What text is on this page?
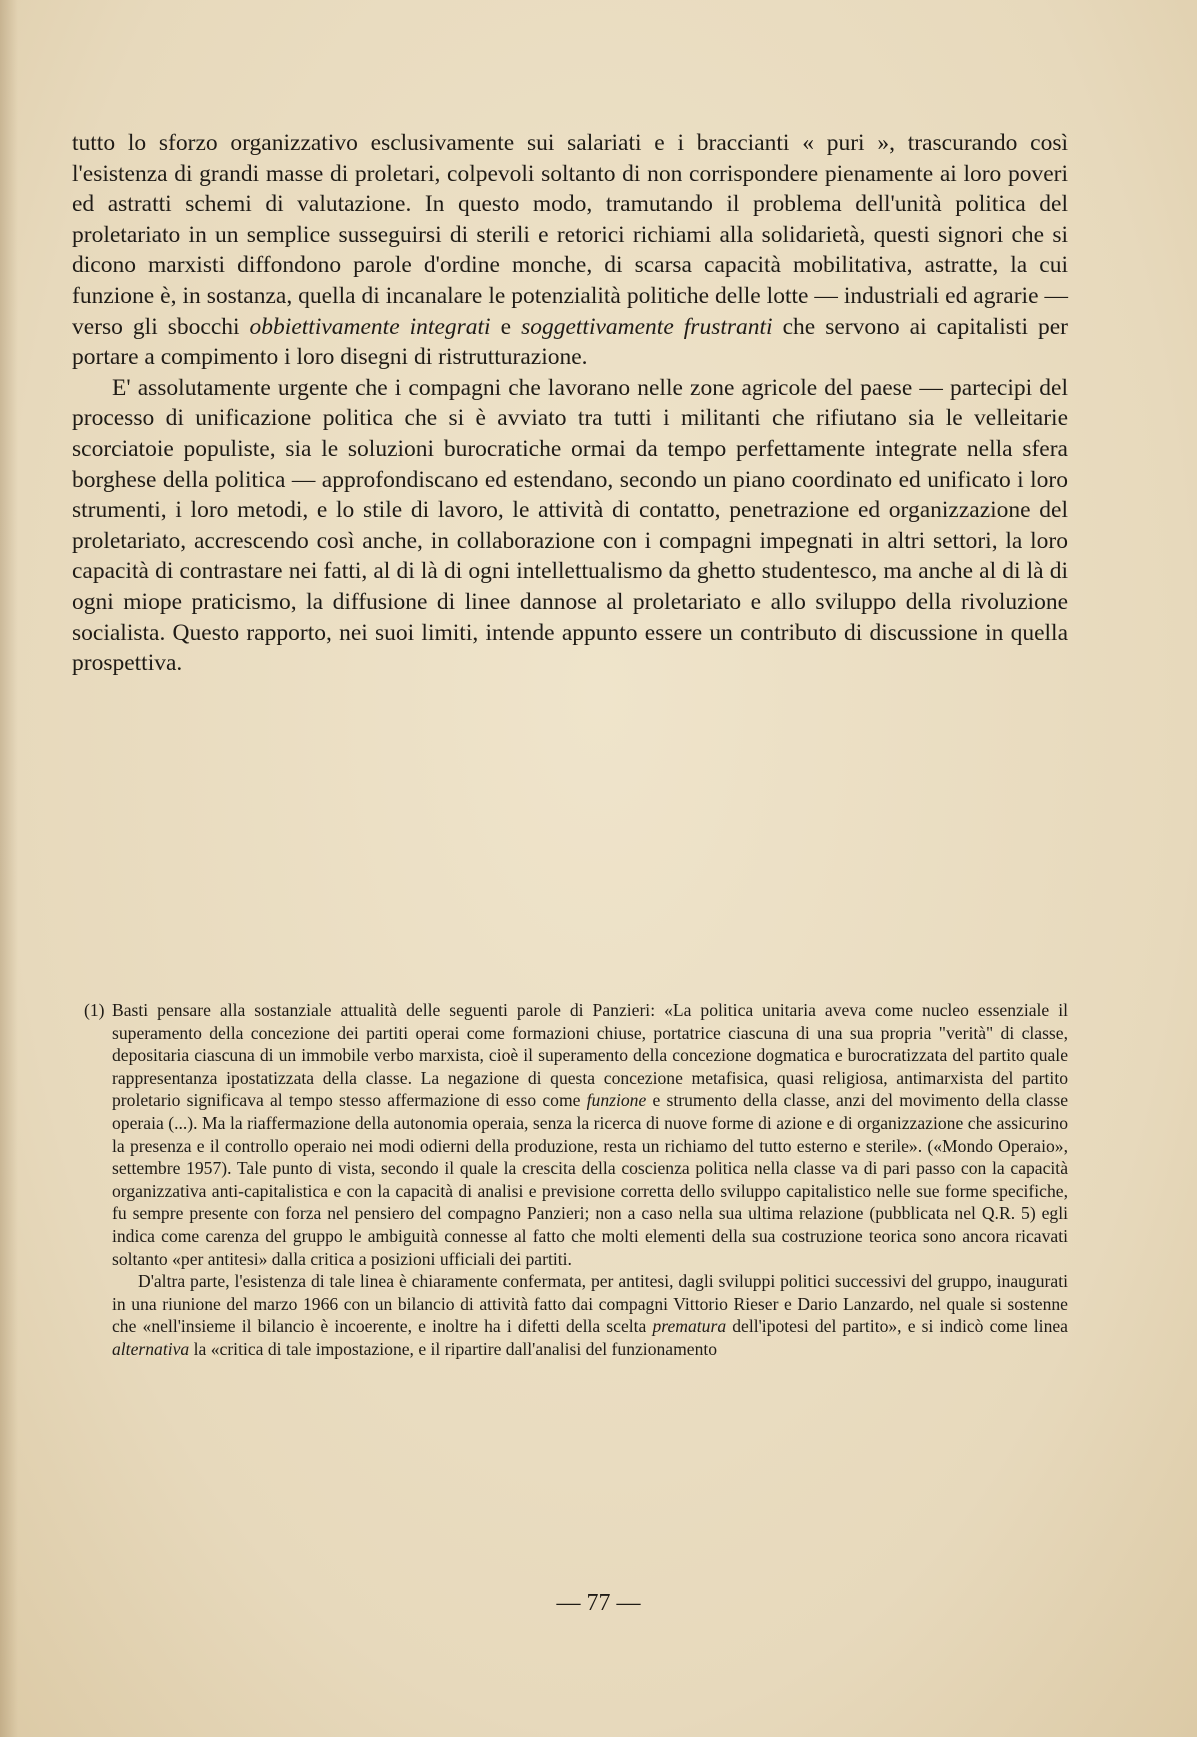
tutto lo sforzo organizzativo esclusivamente sui salariati e i braccianti « puri », trascurando così l'esistenza di grandi masse di proletari, colpevoli soltanto di non corrispondere pienamente ai loro poveri ed astratti schemi di valutazione. In questo modo, tramutando il problema dell'unità politica del proletariato in un semplice susseguirsi di sterili e retorici richiami alla solidarietà, questi signori che si dicono marxisti diffondono parole d'ordine monche, di scarsa capacità mobilitativa, astratte, la cui funzione è, in sostanza, quella di incanalare le potenzialità politiche delle lotte — industriali ed agrarie — verso gli sbocchi obbiettivamente integrati e soggettivamente frustranti che servono ai capitalisti per portare a compimento i loro disegni di ristrutturazione.

E' assolutamente urgente che i compagni che lavorano nelle zone agricole del paese — partecipi del processo di unificazione politica che si è avviato tra tutti i militanti che rifiutano sia le velleitarie scorciatoie populiste, sia le soluzioni burocratiche ormai da tempo perfettamente integrate nella sfera borghese della politica — approfondiscano ed estendano, secondo un piano coordinato ed unificato i loro strumenti, i loro metodi, e lo stile di lavoro, le attività di contatto, penetrazione ed organizzazione del proletariato, accrescendo così anche, in collaborazione con i compagni impegnati in altri settori, la loro capacità di contrastare nei fatti, al di là di ogni intellettualismo da ghetto studentesco, ma anche al di là di ogni miope praticismo, la diffusione di linee dannose al proletariato e allo sviluppo della rivoluzione socialista. Questo rapporto, nei suoi limiti, intende appunto essere un contributo di discussione in quella prospettiva.

(1) Basti pensare alla sostanziale attualità delle seguenti parole di Panzieri: «La politica unitaria aveva come nucleo essenziale il superamento della concezione dei partiti operai come formazioni chiuse, portatrice ciascuna di una sua propria "verità" di classe, depositaria ciascuna di un immobile verbo marxista, cioè il superamento della concezione dogmatica e burocratizzata del partito quale rappresentanza ipostatizzata della classe. La negazione di questa concezione metafisica, quasi religiosa, antimarxista del partito proletario significava al tempo stesso affermazione di esso come funzione e strumento della classe, anzi del movimento della classe operaia (...). Ma la riaffermazione della autonomia operaia, senza la ricerca di nuove forme di azione e di organizzazione che assicurino la presenza e il controllo operaio nei modi odierni della produzione, resta un richiamo del tutto esterno e sterile». («Mondo Operaio», settembre 1957). Tale punto di vista, secondo il quale la crescita della coscienza politica nella classe va di pari passo con la capacità organizzativa anti-capitalistica e con la capacità di analisi e previsione corretta dello sviluppo capitalistico nelle sue forme specifiche, fu sempre presente con forza nel pensiero del compagno Panzieri; non a caso nella sua ultima relazione (pubblicata nel Q.R. 5) egli indica come carenza del gruppo le ambiguità connesse al fatto che molti elementi della sua costruzione teorica sono ancora ricavati soltanto «per antitesi» dalla critica a posizioni ufficiali dei partiti.

D'altra parte, l'esistenza di tale linea è chiaramente confermata, per antitesi, dagli sviluppi politici successivi del gruppo, inaugurati in una riunione del marzo 1966 con un bilancio di attività fatto dai compagni Vittorio Rieser e Dario Lanzardo, nel quale si sostenne che «nell'insieme il bilancio è incoerente, e inoltre ha i difetti della scelta prematura dell'ipotesi del partito», e si indicò come linea alternativa la «critica di tale impostazione, e il ripartire dall'analisi del funzionamento

— 77 —
